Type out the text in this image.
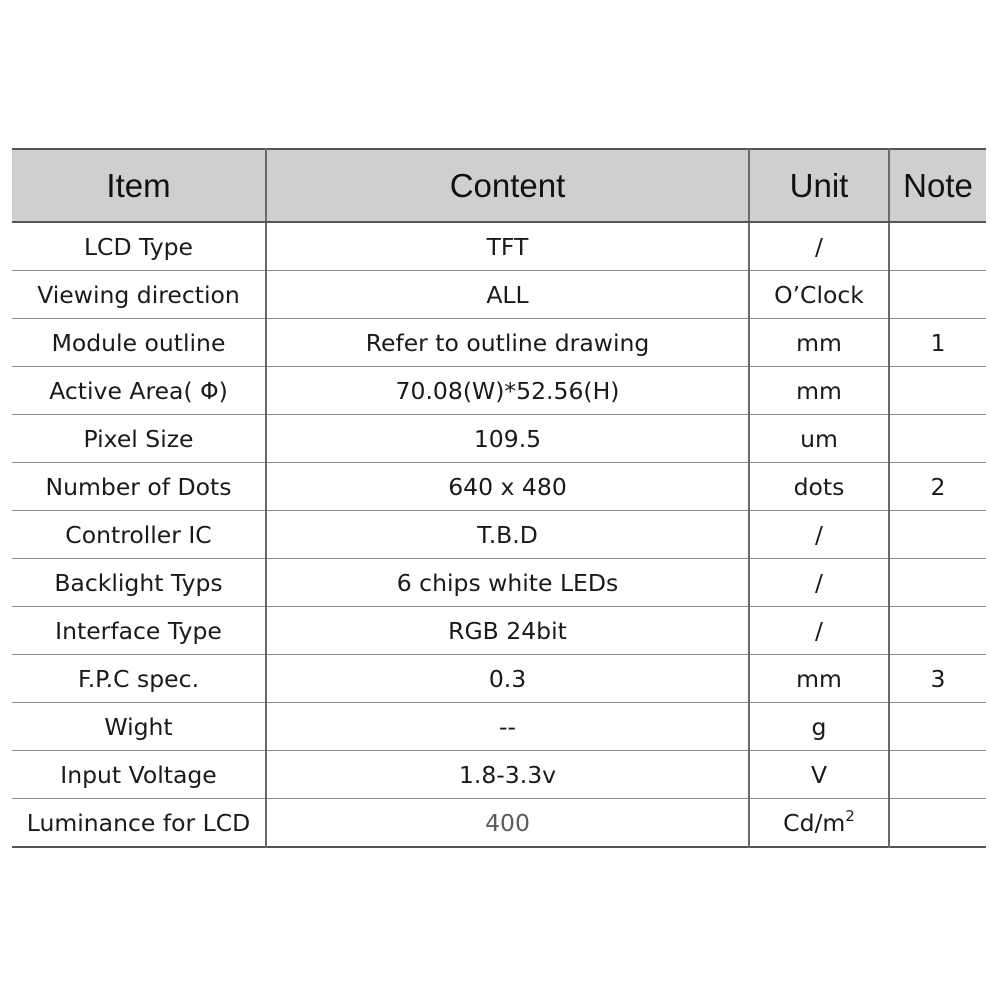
Item	Content	Unit	Note
LCD Type	TFT	/	
Viewing direction	ALL	O’Clock	
Module outline	Refer to outline drawing	mm	1
Active Area( Φ)	70.08(W)*52.56(H)	mm	
Pixel Size	109.5	um	
Number of Dots	640 x 480	dots	2
Controller IC	T.B.D	/	
Backlight Typs	6 chips white LEDs	/	
Interface Type	RGB 24bit	/	
F.P.C spec.	0.3	mm	3
Wight	--	g	
Input Voltage	1.8-3.3v	V	
Luminance for LCD	400	$Cd/m^2$	
